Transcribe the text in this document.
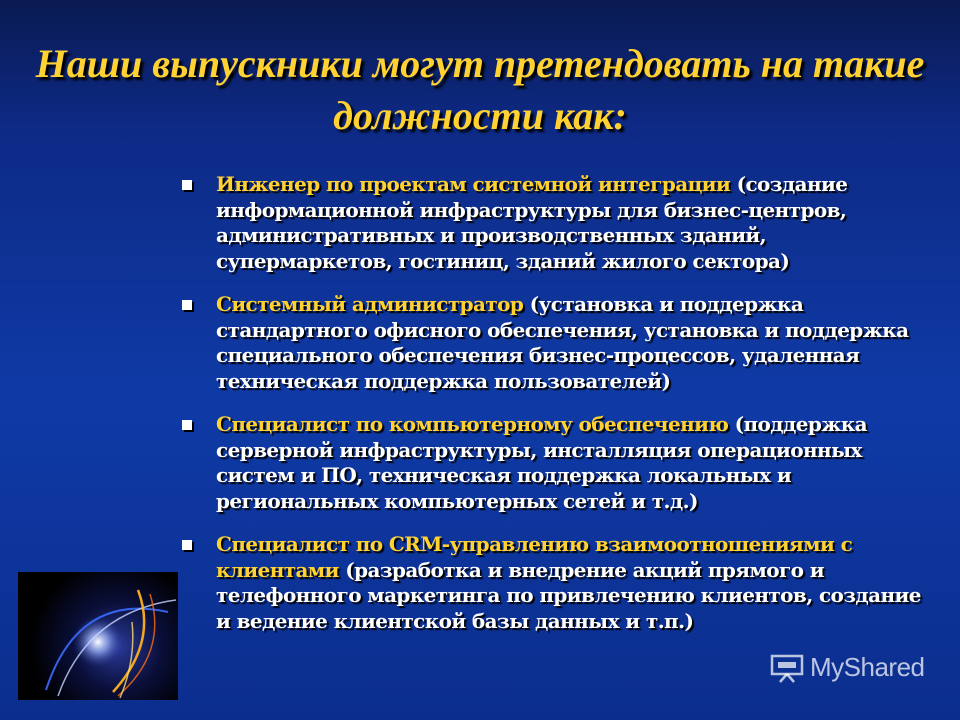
Наши выпускники могут претендовать на такие должности как:
Инженер по проектам системной интеграции (создание информационной инфраструктуры для бизнес-центров, административных и производственных зданий, супермаркетов, гостиниц, зданий жилого сектора)
Системный администратор (установка и поддержка стандартного офисного обеспечения, установка и поддержка специального обеспечения бизнес-процессов, удаленная техническая поддержка пользователей)
Специалист по компьютерному обеспечению (поддержка серверной инфраструктуры, инсталляция операционных систем и ПО, техническая поддержка локальных и региональных компьютерных сетей и т.д.)
Специалист по CRM-управлению взаимоотношениями с клиентами (разработка и внедрение акций прямого и телефонного маркетинга по привлечению клиентов, создание и ведение клиентской базы данных и т.п.)
MyShared
